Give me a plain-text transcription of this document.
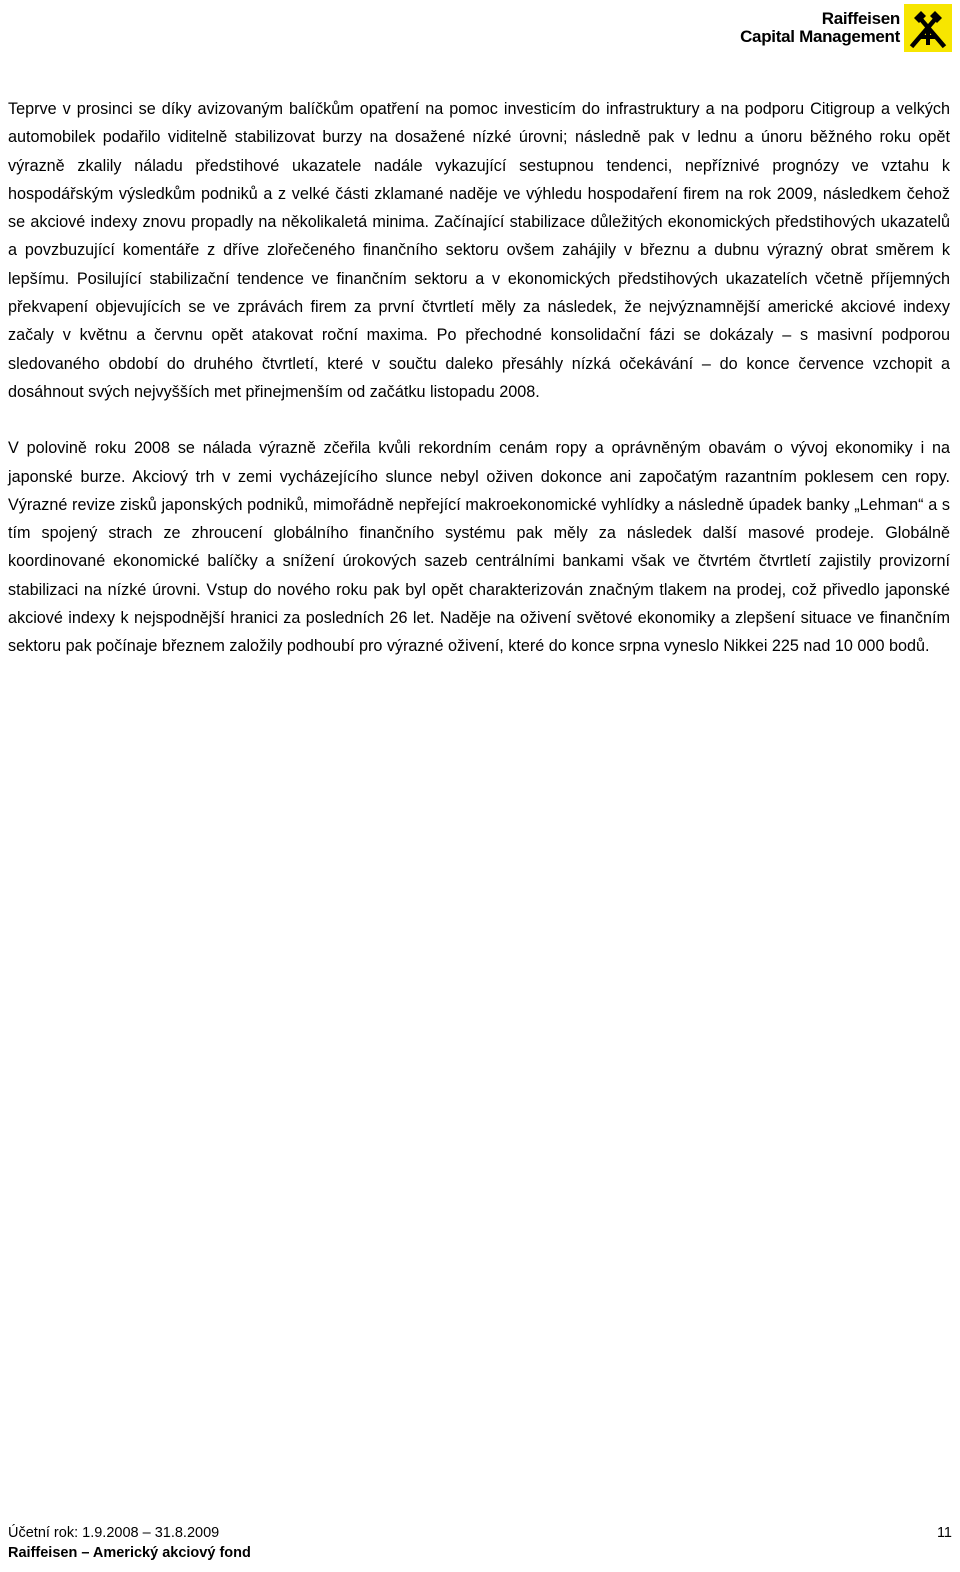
Raiffeisen
Capital Management

Teprve v prosinci se díky avizovaným balíčkům opatření na pomoc investicím do infrastruktury a na podporu Citigroup a velkých automobilek podařilo viditelně stabilizovat burzy na dosažené nízké úrovni; následně pak v lednu a únoru běžného roku opět výrazně zkalily náladu předstihové ukazatele nadále vykazující sestupnou tendenci, nepříznivé prognózy ve vztahu k hospodářským výsledkům podniků a z velké části zklamané naděje ve výhledu hospodaření firem na rok 2009, následkem čehož se akciové indexy znovu propadly na několikaletá minima. Začínající stabilizace důležitých ekonomických předstihových ukazatelů a povzbuzující komentáře z dříve zlořečeného finančního sektoru ovšem zahájily v březnu a dubnu výrazný obrat směrem k lepšímu. Posilující stabilizační tendence ve finančním sektoru a v ekonomických předstihových ukazatelích včetně příjemných překvapení objevujících se ve zprávách firem za první čtvrtletí měly za následek, že nejvýznamnější americké akciové indexy začaly v květnu a červnu opět atakovat roční maxima. Po přechodné konsolidační fázi se dokázaly – s masivní podporou sledovaného období do druhého čtvrtletí, které v součtu daleko přesáhly nízká očekávání – do konce července vzchopit a dosáhnout svých nejvyšších met přinejmenším od začátku listopadu 2008.

V polovině roku 2008 se nálada výrazně zčeřila kvůli rekordním cenám ropy a oprávněným obavám o vývoj ekonomiky i na japonské burze. Akciový trh v zemi vycházejícího slunce nebyl oživen dokonce ani započatým razantním poklesem cen ropy. Výrazné revize zisků japonských podniků, mimořádně nepřející makroekonomické vyhlídky a následně úpadek banky „Lehman“ a s tím spojený strach ze zhroucení globálního finančního systému pak měly za následek další masové prodeje. Globálně koordinované ekonomické balíčky a snížení úrokových sazeb centrálními bankami však ve čtvrtém čtvrtletí zajistily provizorní stabilizaci na nízké úrovni. Vstup do nového roku pak byl opět charakterizován značným tlakem na prodej, což přivedlo japonské akciové indexy k nejspodnější hranici za posledních 26 let. Naděje na oživení světové ekonomiky a zlepšení situace ve finančním sektoru pak počínaje březnem založily podhoubí pro výrazné oživení, které do konce srpna vyneslo Nikkei 225 nad 10 000 bodů.

Účetní rok: 1.9.2008 – 31.8.2009	11
Raiffeisen – Americký akciový fond
